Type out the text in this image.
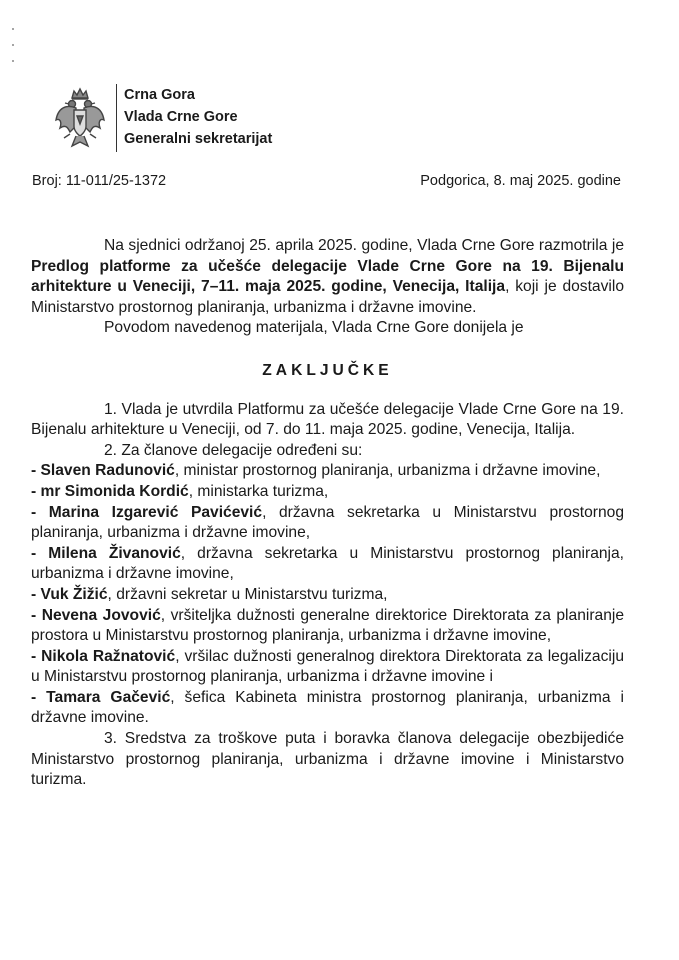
Crna Gora
Vlada Crne Gore
Generalni sekretarijat
Broj: 11-011/25-1372	Podgorica, 8. maj 2025. godine

Na sjednici održanoj 25. aprila 2025. godine, Vlada Crne Gore razmotrila je Predlog platforme za učešće delegacije Vlade Crne Gore na 19. Bijenalu arhitekture u Veneciji, 7–11. maja 2025. godine, Venecija, Italija, koji je dostavilo Ministarstvo prostornog planiranja, urbanizma i državne imovine.

Povodom navedenog materijala, Vlada Crne Gore donijela je

ZAKLJUČKE

1. Vlada je utvrdila Platformu za učešće delegacije Vlade Crne Gore na 19. Bijenalu arhitekture u Veneciji, od 7. do 11. maja 2025. godine, Venecija, Italija.

2. Za članove delegacije određeni su:

- Slaven Radunović, ministar prostornog planiranja, urbanizma i državne imovine,

- mr Simonida Kordić, ministarka turizma,

- Marina Izgarević Pavićević, državna sekretarka u Ministarstvu prostornog planiranja, urbanizma i državne imovine,

- Milena Živanović, državna sekretarka u Ministarstvu prostornog planiranja, urbanizma i državne imovine,

- Vuk Žižić, državni sekretar u Ministarstvu turizma,

- Nevena Jovović, vršiteljka dužnosti generalne direktorice Direktorata za planiranje prostora u Ministarstvu prostornog planiranja, urbanizma i državne imovine,

- Nikola Ražnatović, vršilac dužnosti generalnog direktora Direktorata za legalizaciju u Ministarstvu prostornog planiranja, urbanizma i državne imovine i

- Tamara Gačević, šefica Kabineta ministra prostornog planiranja, urbanizma i državne imovine.

3. Sredstva za troškove puta i boravka članova delegacije obezbijediće Ministarstvo prostornog planiranja, urbanizma i državne imovine i Ministarstvo turizma.
